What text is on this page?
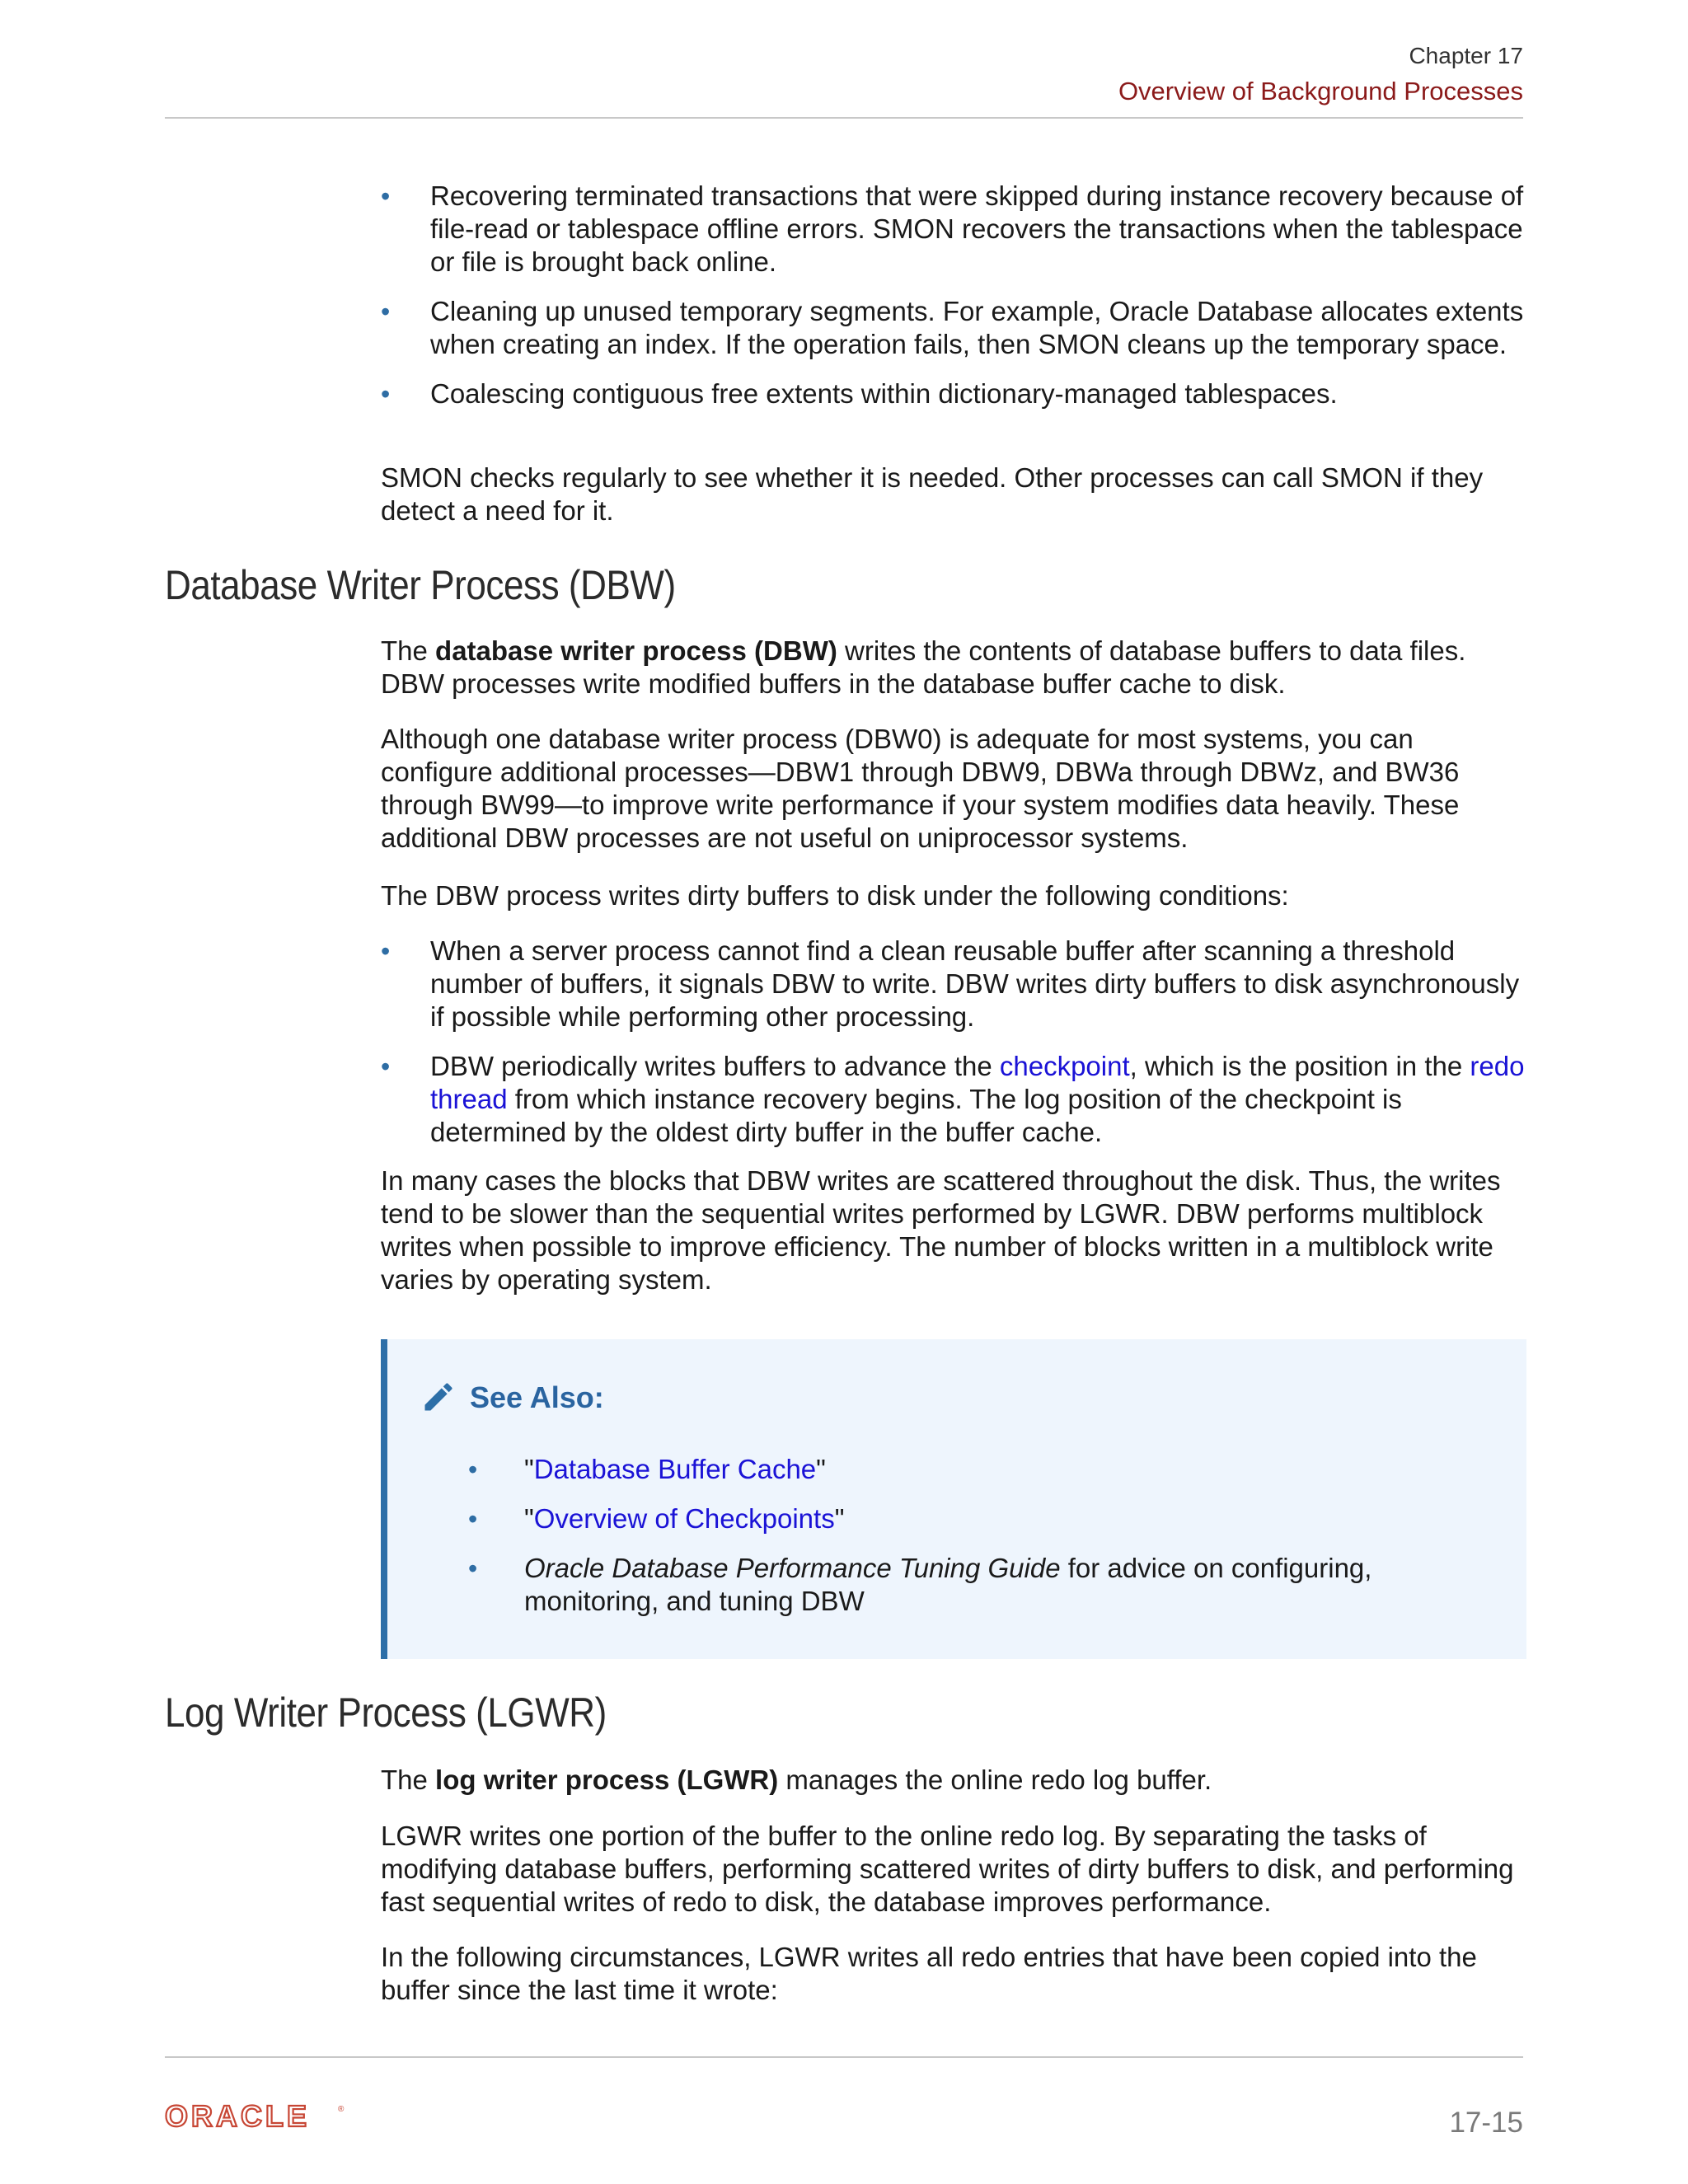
Chapter 17
Overview of Background Processes
• Recovering terminated transactions that were skipped during instance recovery because of file-read or tablespace offline errors. SMON recovers the transactions when the tablespace or file is brought back online.
• Cleaning up unused temporary segments. For example, Oracle Database allocates extents when creating an index. If the operation fails, then SMON cleans up the temporary space.
• Coalescing contiguous free extents within dictionary-managed tablespaces.

SMON checks regularly to see whether it is needed. Other processes can call SMON if they detect a need for it.

Database Writer Process (DBW)

The database writer process (DBW) writes the contents of database buffers to data files. DBW processes write modified buffers in the database buffer cache to disk.

Although one database writer process (DBW0) is adequate for most systems, you can configure additional processes—DBW1 through DBW9, DBWa through DBWz, and BW36 through BW99—to improve write performance if your system modifies data heavily. These additional DBW processes are not useful on uniprocessor systems.

The DBW process writes dirty buffers to disk under the following conditions:

• When a server process cannot find a clean reusable buffer after scanning a threshold number of buffers, it signals DBW to write. DBW writes dirty buffers to disk asynchronously if possible while performing other processing.
• DBW periodically writes buffers to advance the checkpoint, which is the position in the redo thread from which instance recovery begins. The log position of the checkpoint is determined by the oldest dirty buffer in the buffer cache.

In many cases the blocks that DBW writes are scattered throughout the disk. Thus, the writes tend to be slower than the sequential writes performed by LGWR. DBW performs multiblock writes when possible to improve efficiency. The number of blocks written in a multiblock write varies by operating system.

See Also:
• "Database Buffer Cache"
• "Overview of Checkpoints"
• Oracle Database Performance Tuning Guide for advice on configuring, monitoring, and tuning DBW
Log Writer Process (LGWR)

The log writer process (LGWR) manages the online redo log buffer.

LGWR writes one portion of the buffer to the online redo log. By separating the tasks of modifying database buffers, performing scattered writes of dirty buffers to disk, and performing fast sequential writes of redo to disk, the database improves performance.

In the following circumstances, LGWR writes all redo entries that have been copied into the buffer since the last time it wrote:

ORACLE	®	17-15
